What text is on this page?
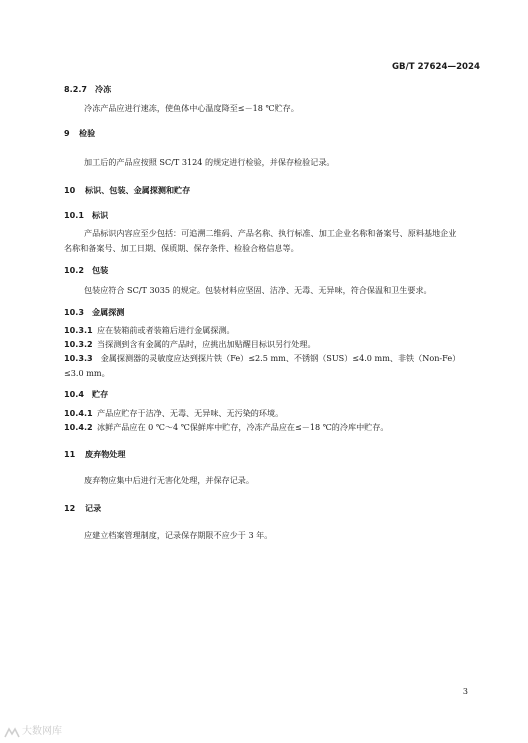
GB/T 27624—2024
8.2.7 冷冻
冷冻产品应进行速冻，使鱼体中心温度降至≤－18 ℃贮存。
9 检验
加工后的产品应按照 SC/T 3124 的规定进行检验，并保存检验记录。
10 标识、包装、金属探测和贮存
10.1 标识
产品标识内容应至少包括：可追溯二维码、产品名称、执行标准、加工企业名称和备案号、原料基地企业名称和备案号、加工日期、保质期、保存条件、检验合格信息等。
10.2 包装
包装应符合 SC/T 3035 的规定。包装材料应坚固、洁净、无毒、无异味，符合保温和卫生要求。
10.3 金属探测
10.3.1 应在装箱前或者装箱后进行金属探测。
10.3.2 当探测到含有金属的产品时，应挑出加贴醒目标识另行处理。
10.3.3 金属探测器的灵敏度应达到探片铁（Fe）≤2.5 mm、不锈钢（SUS）≤4.0 mm、非铁（Non-Fe）≤3.0 mm。
10.4 贮存
10.4.1 产品应贮存于洁净、无毒、无异味、无污染的环境。
10.4.2 冰鲜产品应在 0 ℃～4 ℃保鲜库中贮存，冷冻产品应在≤－18 ℃的冷库中贮存。
11 废弃物处理
废弃物应集中后进行无害化处理，并保存记录。
12 记录
应建立档案管理制度，记录保存期限不应少于 3 年。
3
大数网库
